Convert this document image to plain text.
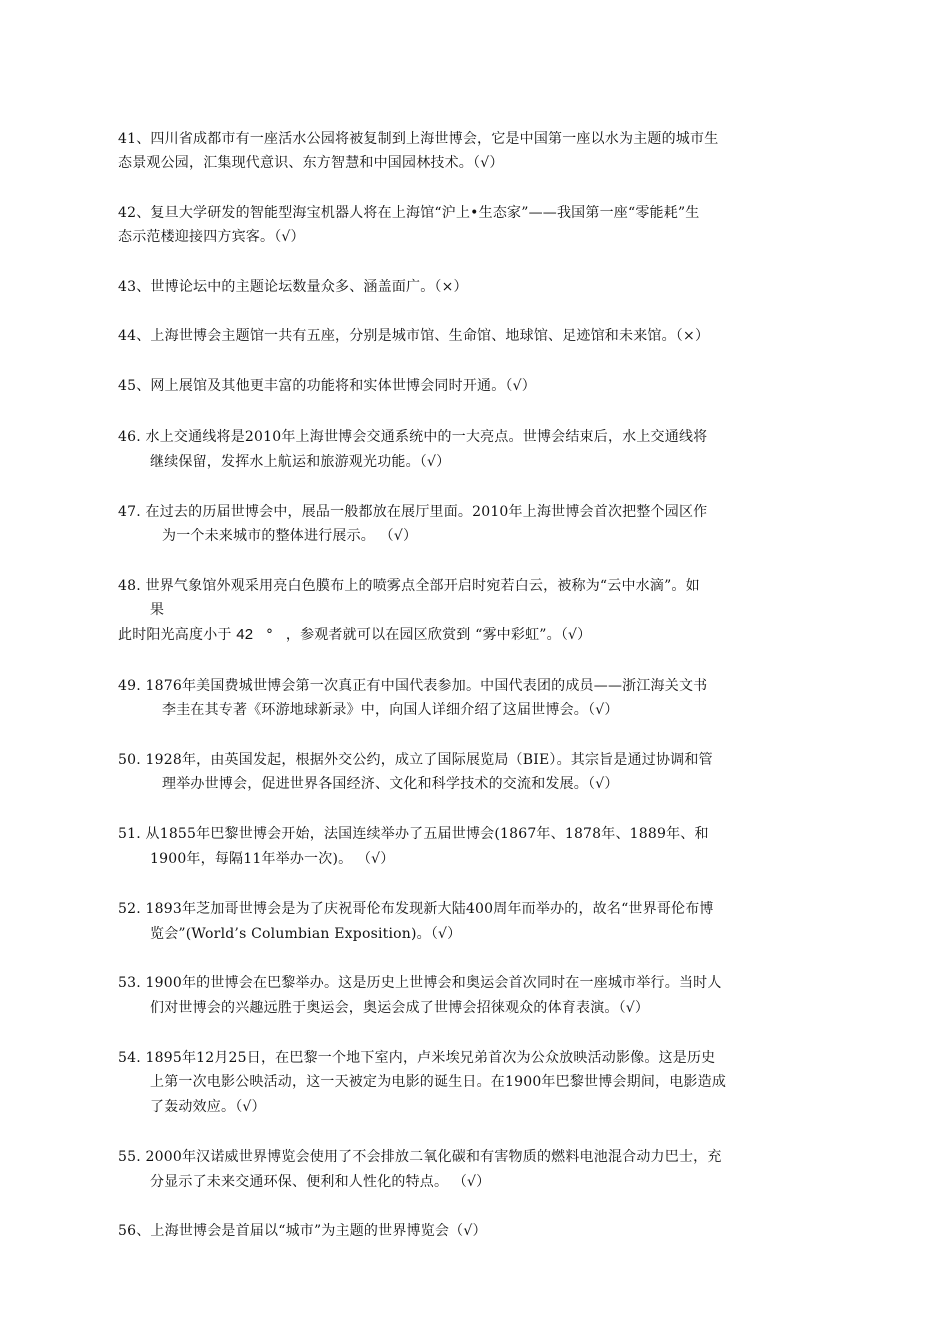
41、四川省成都市有一座活水公园将被复制到上海世博会，它是中国第一座以水为主题的城市生
态景观公园，汇集现代意识、东方智慧和中国园林技术。（√）
42、复旦大学研发的智能型海宝机器人将在上海馆“沪上•生态家”——我国第一座“零能耗”生
态示范楼迎接四方宾客。（√）
43、世博论坛中的主题论坛数量众多、涵盖面广。（×）
44、上海世博会主题馆一共有五座，分别是城市馆、生命馆、地球馆、足迹馆和未来馆。（×）
45、网上展馆及其他更丰富的功能将和实体世博会同时开通。（√）
46. 水上交通线将是2010年上海世博会交通系统中的一大亮点。世博会结束后，水上交通线将
继续保留，发挥水上航运和旅游观光功能。（√）
47. 在过去的历届世博会中，展品一般都放在展厅里面。2010年上海世博会首次把整个园区作
为一个未来城市的整体进行展示。 （√）
48. 世界气象馆外观采用亮白色膜布上的喷雾点全部开启时宛若白云，被称为“云中水滴”。如
果
此时阳光高度小于 42 ° ，参观者就可以在园区欣赏到 “雾中彩虹”。（√）
49. 1876年美国费城世博会第一次真正有中国代表参加。中国代表团的成员——浙江海关文书
李圭在其专著《环游地球新录》中，向国人详细介绍了这届世博会。（√）
50. 1928年，由英国发起，根据外交公约，成立了国际展览局（BIE）。其宗旨是通过协调和管
理举办世博会，促进世界各国经济、文化和科学技术的交流和发展。（√）
51. 从1855年巴黎世博会开始，法国连续举办了五届世博会(1867年、1878年、1889年、和
1900年，每隔11年举办一次)。 （√）
52. 1893年芝加哥世博会是为了庆祝哥伦布发现新大陆400周年而举办的，故名“世界哥伦布博
览会”(World’s Columbian Exposition)。（√）
53. 1900年的世博会在巴黎举办。这是历史上世博会和奥运会首次同时在一座城市举行。当时人
们对世博会的兴趣远胜于奥运会，奥运会成了世博会招徕观众的体育表演。（√）
54. 1895年12月25日，在巴黎一个地下室内，卢米埃兄弟首次为公众放映活动影像。这是历史
上第一次电影公映活动，这一天被定为电影的诞生日。在1900年巴黎世博会期间，电影造成
了轰动效应。（√）
55. 2000年汉诺威世界博览会使用了不会排放二氧化碳和有害物质的燃料电池混合动力巴士，充
分显示了未来交通环保、便利和人性化的特点。 （√）
56、上海世博会是首届以“城市”为主题的世界博览会（√）
